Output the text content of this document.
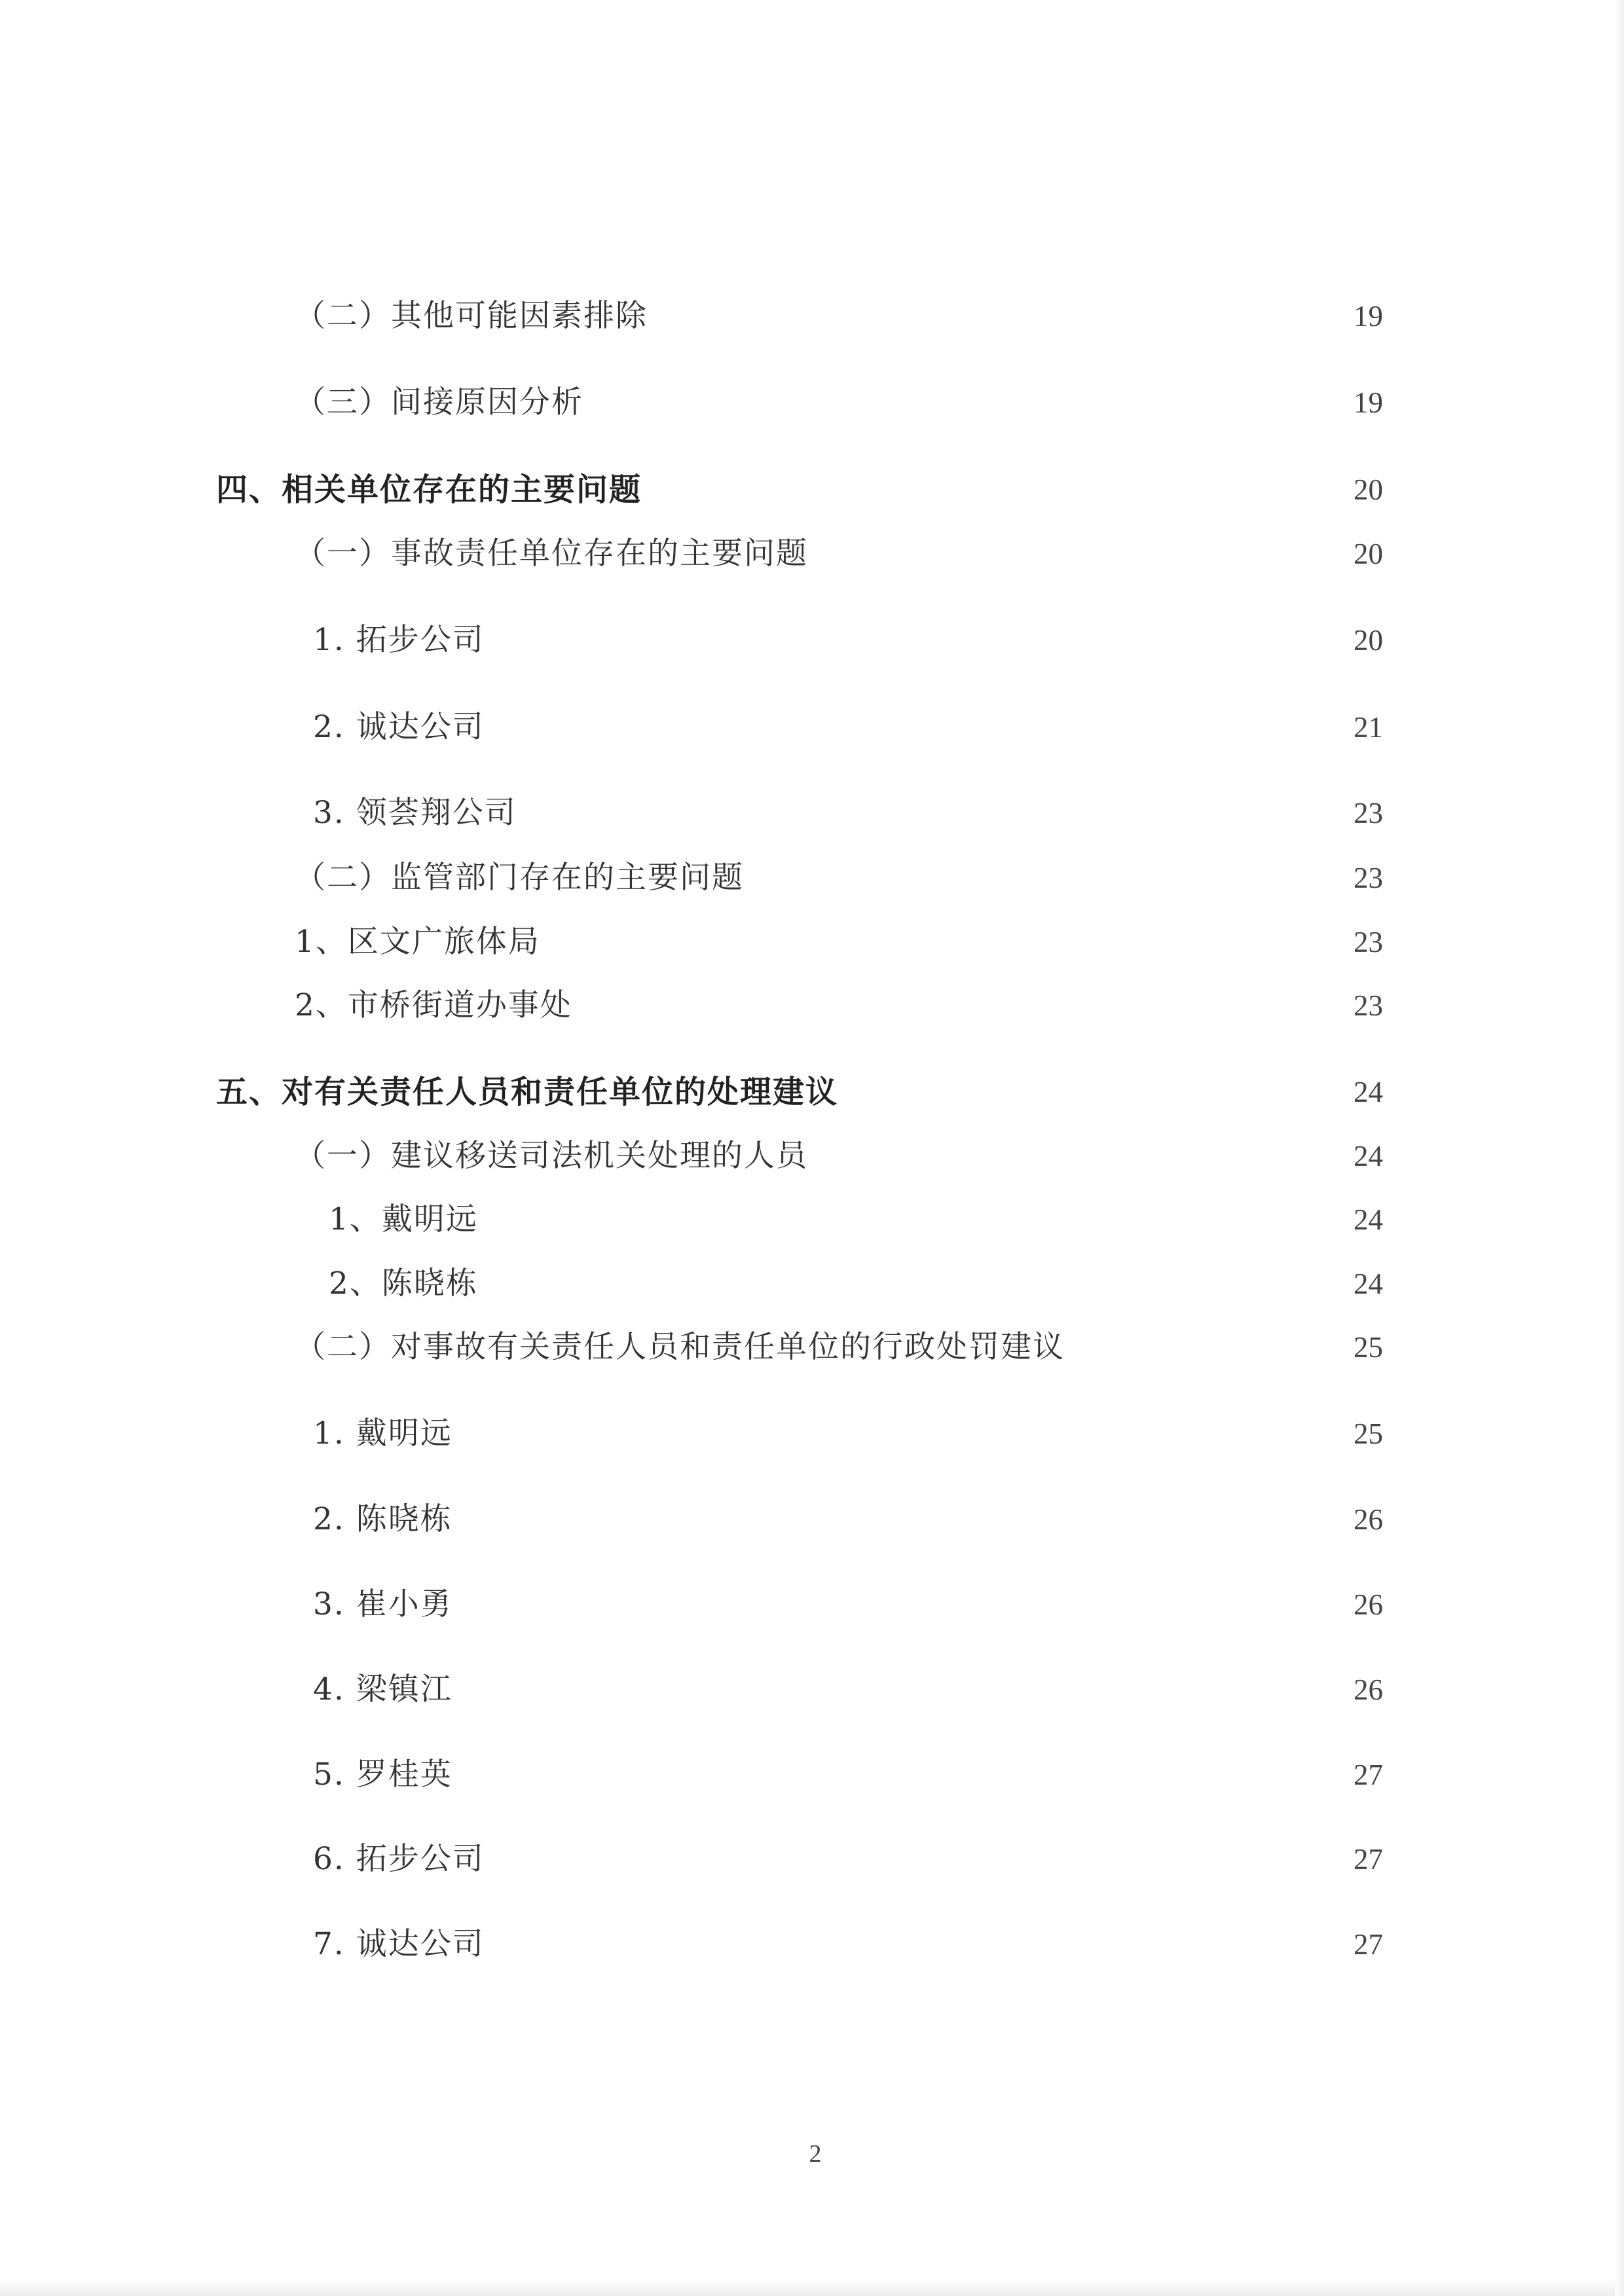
（二）其他可能因素排除	19
（三）间接原因分析	19
四、相关单位存在的主要问题	20
（一）事故责任单位存在的主要问题	20
1. 拓步公司	20
2. 诚达公司	21
3. 领荟翔公司	23
（二）监管部门存在的主要问题	23
1、区文广旅体局	23
2、市桥街道办事处	23
五、对有关责任人员和责任单位的处理建议	24
（一）建议移送司法机关处理的人员	24
1、戴明远	24
2、陈晓栋	24
（二）对事故有关责任人员和责任单位的行政处罚建议	25
1. 戴明远	25
2. 陈晓栋	26
3. 崔小勇	26
4. 梁镇江	26
5. 罗桂英	27
6. 拓步公司	27
7. 诚达公司	27
2
